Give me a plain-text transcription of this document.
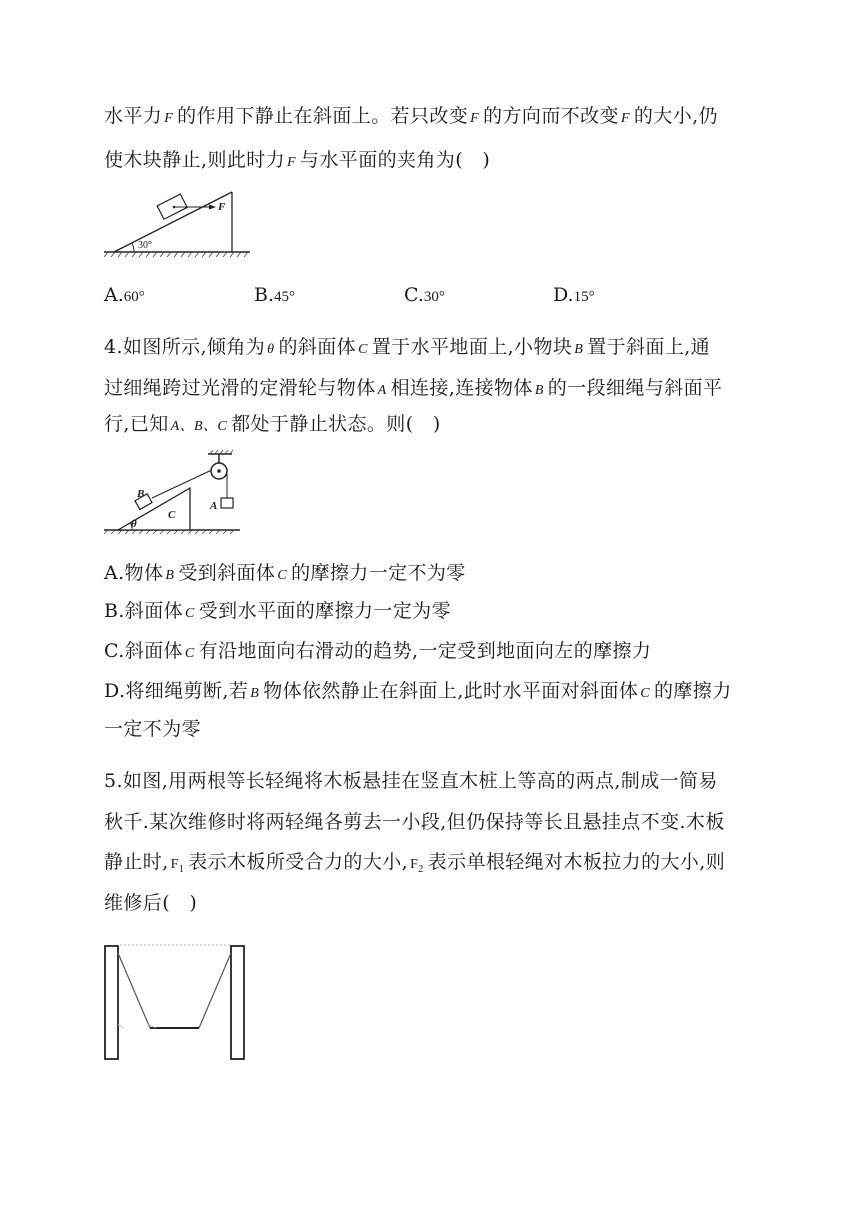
水平力 F 的作用下静止在斜面上。若只改变 F 的方向而不改变 F 的大小,仍
使木块静止,则此时力 F 与水平面的夹角为(　)
30°
F
A.60°	B.45°	C.30°	D.15°
4.如图所示,倾角为 θ 的斜面体 C 置于水平地面上,小物块 B 置于斜面上,通
过细绳跨过光滑的定滑轮与物体 A 相连接,连接物体 B 的一段细绳与斜面平
行,已知 A、B、C 都处于静止状态。则(　)
θ
C
B
A
A.物体 B 受到斜面体 C 的摩擦力一定不为零
B.斜面体 C 受到水平面的摩擦力一定为零
C.斜面体 C 有沿地面向右滑动的趋势,一定受到地面向左的摩擦力
D.将细绳剪断,若 B 物体依然静止在斜面上,此时水平面对斜面体 C 的摩擦力
一定不为零
5.如图,用两根等长轻绳将木板悬挂在竖直木桩上等高的两点,制成一简易
秋千.某次维修时将两轻绳各剪去一小段,但仍保持等长且悬挂点不变.木板
静止时, $F_1$ 表示木板所受合力的大小, $F_2$ 表示单根轻绳对木板拉力的大小,则
维修后(　)
